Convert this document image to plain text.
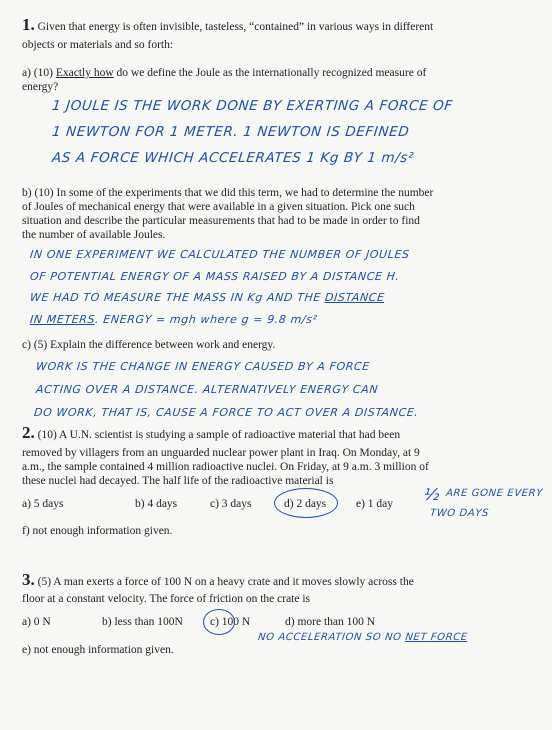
1. Given that energy is often invisible, tasteless, “contained” in various ways in different
objects or materials and so forth:
a) (10) Exactly how do we define the Joule as the internationally recognized measure of
energy?
1 JOULE IS THE WORK DONE BY EXERTING A FORCE OF
1 NEWTON FOR 1 METER. 1 NEWTON IS DEFINED
AS A FORCE WHICH ACCELERATES 1 Kg BY 1 m/s²
b) (10) In some of the experiments that we did this term, we had to determine the number
of Joules of mechanical energy that were available in a given situation. Pick one such
situation and describe the particular measurements that had to be made in order to find
the number of available Joules.
IN ONE EXPERIMENT WE CALCULATED THE NUMBER OF JOULES
OF POTENTIAL ENERGY OF A MASS RAISED BY A DISTANCE H.
WE HAD TO MEASURE THE MASS IN Kg AND THE DISTANCE
IN METERS. ENERGY = mgh where g = 9.8 m/s²
c) (5) Explain the difference between work and energy.
WORK IS THE CHANGE IN ENERGY CAUSED BY A FORCE
ACTING OVER A DISTANCE. ALTERNATIVELY ENERGY CAN
DO WORK, THAT IS, CAUSE A FORCE TO ACT OVER A DISTANCE.
2. (10) A U.N. scientist is studying a sample of radioactive material that had been
removed by villagers from an unguarded nuclear power plant in Iraq. On Monday, at 9
a.m., the sample contained 4 million radioactive nuclei. On Friday, at 9 a.m. 3 million of
these nuclei had decayed. The half life of the radioactive material is
a) 5 days	b) 4 days	c) 3 days	d) 2 days	e) 1 day ½ ARE GONE EVERY
TWO DAYS
f) not enough information given.
3. (5) A man exerts a force of 100 N on a heavy crate and it moves slowly across the
floor at a constant velocity. The force of friction on the crate is
a) 0 N	b) less than 100N c) 100 N	d) more than 100 N
NO ACCELERATION SO NO NET FORCE
e) not enough information given.
